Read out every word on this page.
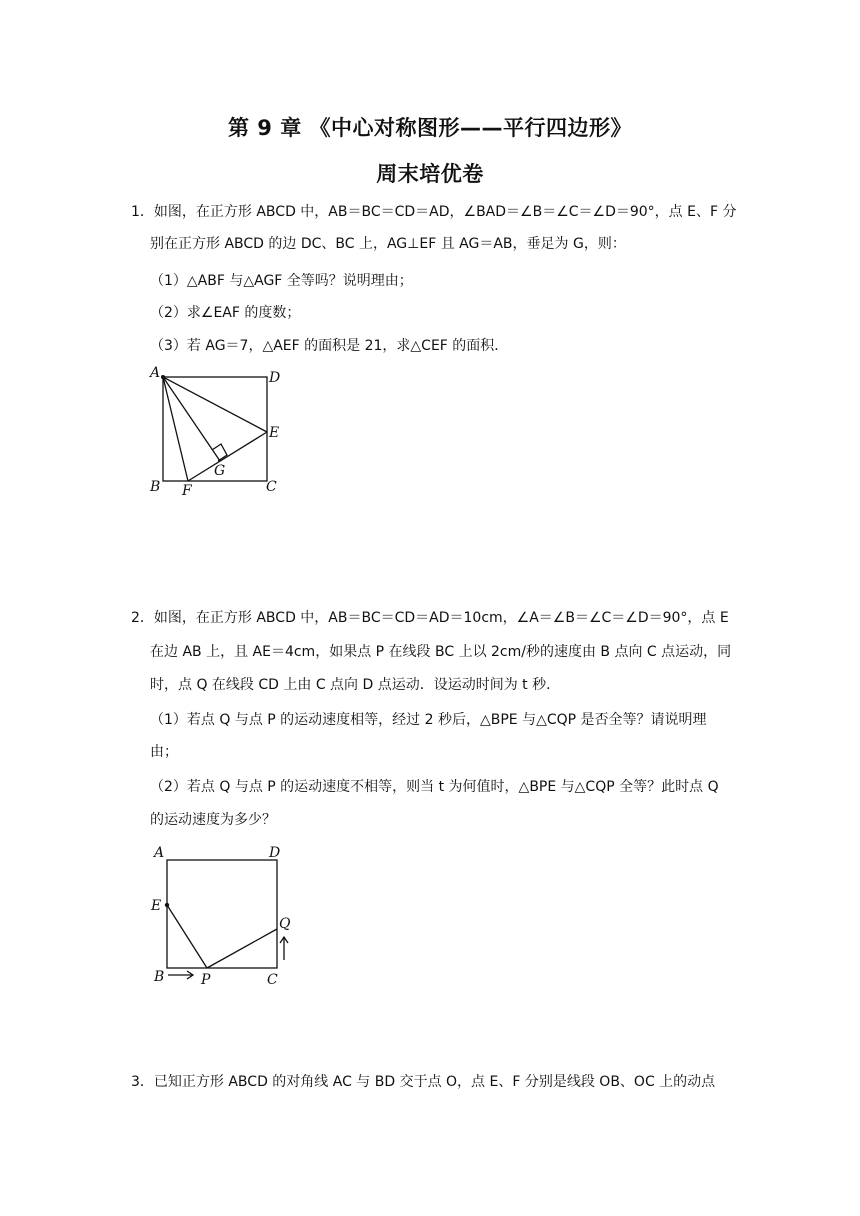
第 9 章 《中心对称图形——平行四边形》
周末培优卷
1．如图，在正方形 ABCD 中，AB＝BC＝CD＝AD，∠BAD＝∠B＝∠C＝∠D＝90°，点 E、F 分
别在正方形 ABCD 的边 DC、BC 上，AG⊥EF 且 AG＝AB，垂足为 G，则：
（1）△ABF 与△AGF 全等吗？说明理由；
（2）求∠EAF 的度数；
（3）若 AG＝7，△AEF 的面积是 21，求△CEF 的面积．
A	D
E
B F
G
C
2．如图，在正方形 ABCD 中，AB＝BC＝CD＝AD＝10cm，∠A＝∠B＝∠C＝∠D＝90°，点 E
在边 AB 上，且 AE＝4cm，如果点 P 在线段 BC 上以 2cm/秒的速度由 B 点向 C 点运动，同
时，点 Q 在线段 CD 上由 C 点向 D 点运动．设运动时间为 t 秒．
（1）若点 Q 与点 P 的运动速度相等，经过 2 秒后，△BPE 与△CQP 是否全等？请说明理
由；
（2）若点 Q 与点 P 的运动速度不相等，则当 t 为何值时，△BPE 与△CQP 全等？此时点 Q
的运动速度为多少？
A	D
E
Q
B	P	C
3．已知正方形 ABCD 的对角线 AC 与 BD 交于点 O，点 E、F 分别是线段 OB、OC 上的动点
